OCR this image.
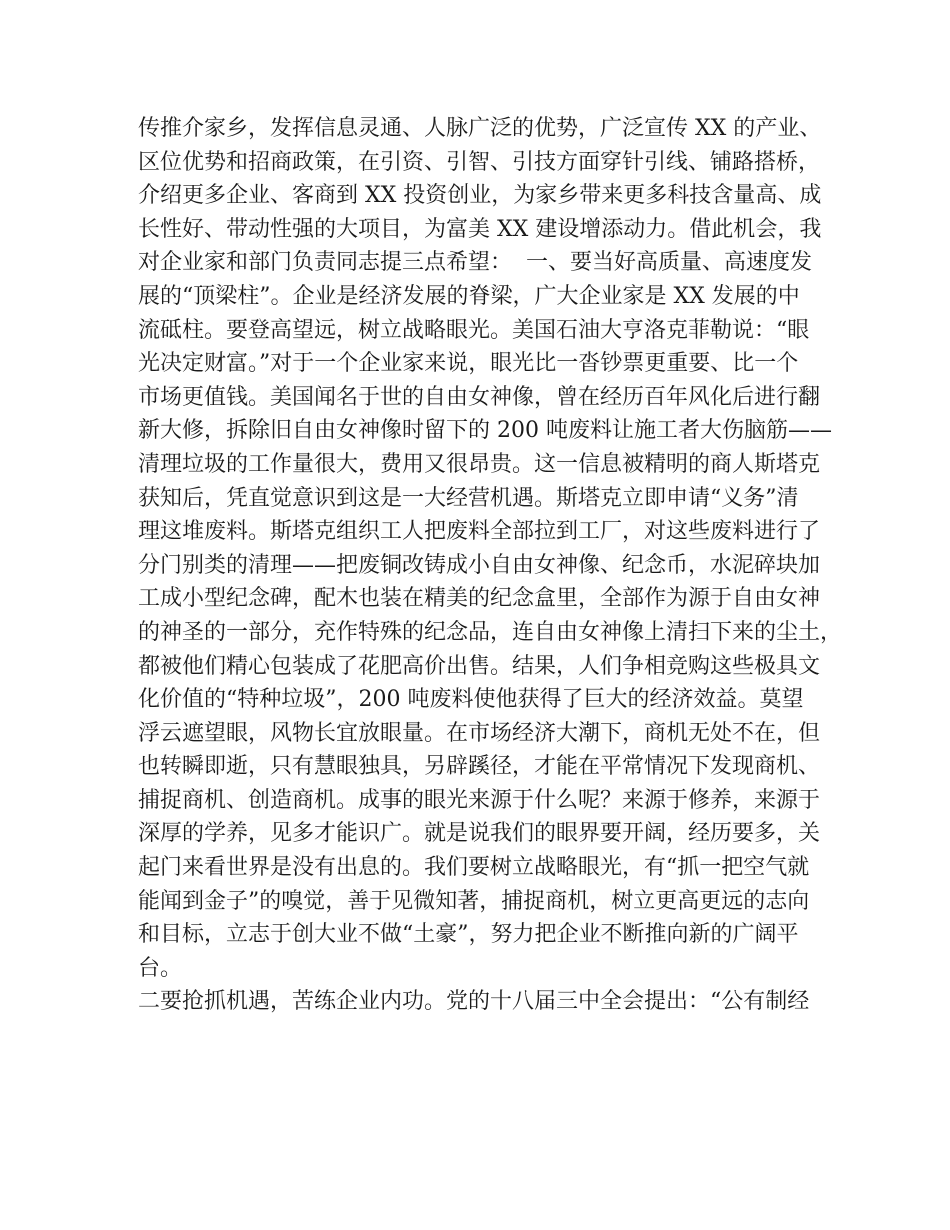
传推介家乡，发挥信息灵通、人脉广泛的优势，广泛宣传 XX 的产业、
区位优势和招商政策，在引资、引智、引技方面穿针引线、铺路搭桥，
介绍更多企业、客商到 XX 投资创业，为家乡带来更多科技含量高、成
长性好、带动性强的大项目，为富美 XX 建设增添动力。借此机会，我
对企业家和部门负责同志提三点希望：  一、要当好高质量、高速度发
展的“顶梁柱”。企业是经济发展的脊梁，广大企业家是 XX 发展的中
流砥柱。要登高望远，树立战略眼光。美国石油大亨洛克菲勒说：“眼
光决定财富。”对于一个企业家来说，眼光比一沓钞票更重要、比一个
市场更值钱。美国闻名于世的自由女神像，曾在经历百年风化后进行翻
新大修，拆除旧自由女神像时留下的 200 吨废料让施工者大伤脑筋——
清理垃圾的工作量很大，费用又很昂贵。这一信息被精明的商人斯塔克
获知后，凭直觉意识到这是一大经营机遇。斯塔克立即申请“义务”清
理这堆废料。斯塔克组织工人把废料全部拉到工厂，对这些废料进行了
分门别类的清理——把废铜改铸成小自由女神像、纪念币，水泥碎块加
工成小型纪念碑，配木也装在精美的纪念盒里，全部作为源于自由女神
的神圣的一部分，充作特殊的纪念品，连自由女神像上清扫下来的尘土，
都被他们精心包装成了花肥高价出售。结果，人们争相竞购这些极具文
化价值的“特种垃圾”，200 吨废料使他获得了巨大的经济效益。莫望
浮云遮望眼，风物长宜放眼量。在市场经济大潮下，商机无处不在，但
也转瞬即逝，只有慧眼独具，另辟蹊径，才能在平常情况下发现商机、
捕捉商机、创造商机。成事的眼光来源于什么呢？来源于修养，来源于
深厚的学养，见多才能识广。就是说我们的眼界要开阔，经历要多，关
起门来看世界是没有出息的。我们要树立战略眼光，有“抓一把空气就
能闻到金子”的嗅觉，善于见微知著，捕捉商机，树立更高更远的志向
和目标，立志于创大业不做“土豪”，努力把企业不断推向新的广阔平
台。
二要抢抓机遇，苦练企业内功。党的十八届三中全会提出：“公有制经
